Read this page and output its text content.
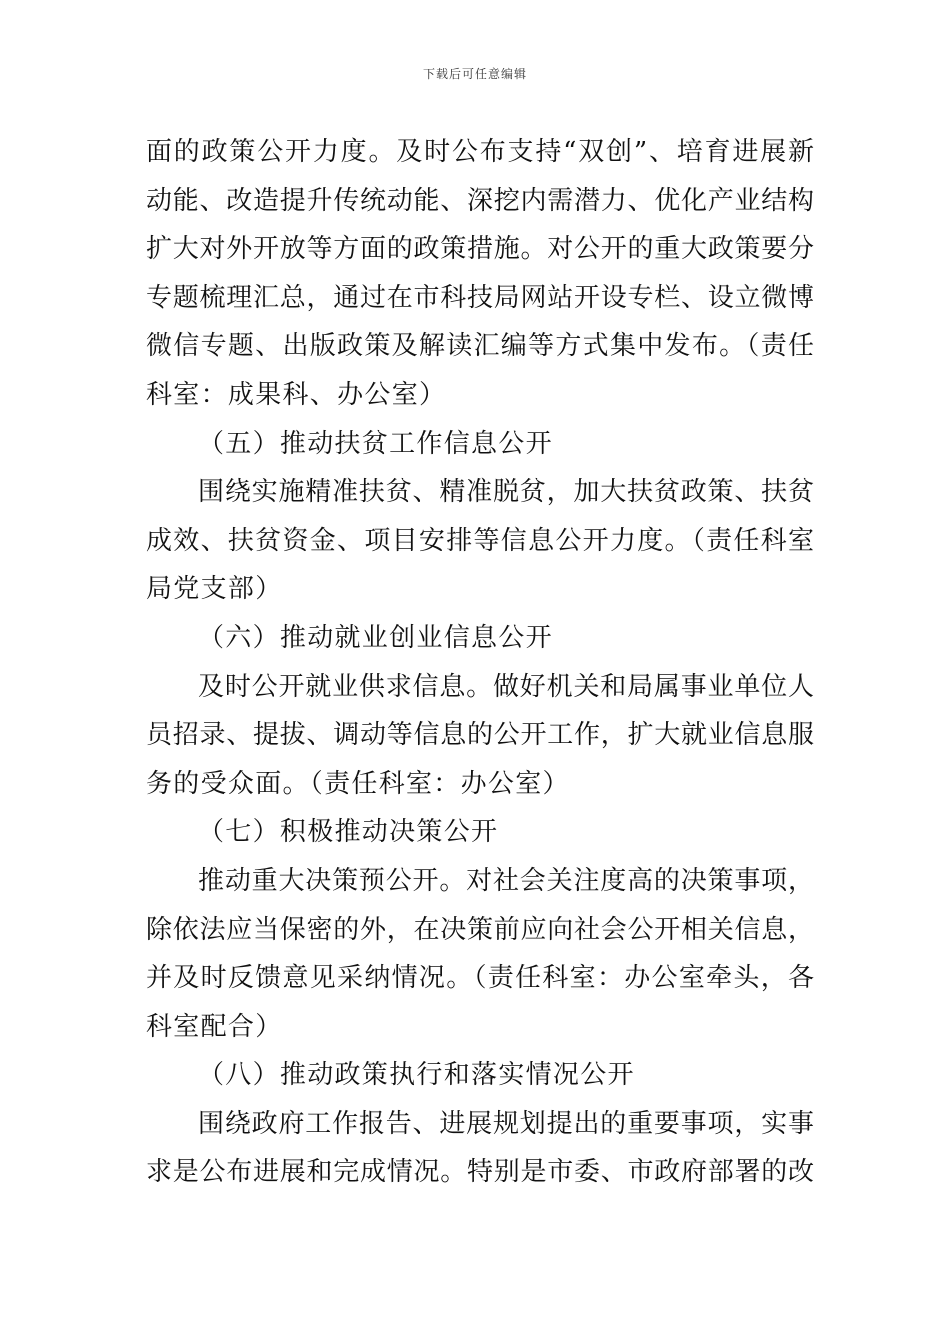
下载后可任意编辑
面的政策公开力度。及时公布支持“双创”、培育进展新
动能、改造提升传统动能、深挖内需潜力、优化产业结构
扩大对外开放等方面的政策措施。对公开的重大政策要分
专题梳理汇总，通过在市科技局网站开设专栏、设立微博
微信专题、出版政策及解读汇编等方式集中发布。（责任
科室：成果科、办公室）
（五）推动扶贫工作信息公开
围绕实施精准扶贫、精准脱贫，加大扶贫政策、扶贫
成效、扶贫资金、项目安排等信息公开力度。（责任科室
局党支部）
（六）推动就业创业信息公开
及时公开就业供求信息。做好机关和局属事业单位人
员招录、提拔、调动等信息的公开工作，扩大就业信息服
务的受众面。（责任科室：办公室）
（七）积极推动决策公开
推动重大决策预公开。对社会关注度高的决策事项，
除依法应当保密的外，在决策前应向社会公开相关信息，
并及时反馈意见采纳情况。（责任科室：办公室牵头，各
科室配合）
（八）推动政策执行和落实情况公开
围绕政府工作报告、进展规划提出的重要事项，实事
求是公布进展和完成情况。特别是市委、市政府部署的改
